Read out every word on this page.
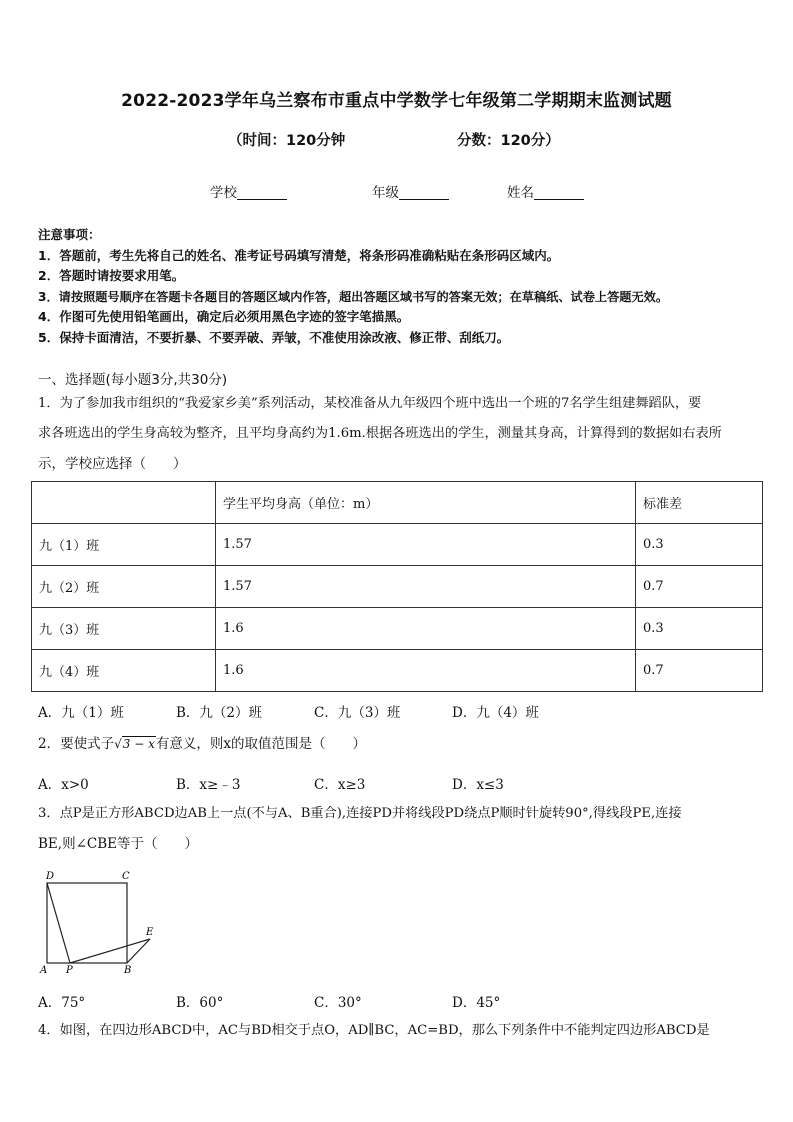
2022-2023学年乌兰察布市重点中学数学七年级第二学期期末监测试题
（时间：120分钟	分数：120分）
学校	年级	姓名
注意事项：
1．答题前，考生先将自己的姓名、准考证号码填写清楚，将条形码准确粘贴在条形码区域内。
2．答题时请按要求用笔。
3．请按照题号顺序在答题卡各题目的答题区域内作答，超出答题区域书写的答案无效；在草稿纸、试卷上答题无效。
4．作图可先使用铅笔画出，确定后必须用黑色字迹的签字笔描黑。
5．保持卡面清洁，不要折暴、不要弄破、弄皱，不准使用涂改液、修正带、刮纸刀。
一、选择题(每小题3分,共30分)
1．为了参加我市组织的“我爱家乡美”系列活动，某校准备从九年级四个班中选出一个班的7名学生组建舞蹈队，要
求各班选出的学生身高较为整齐，且平均身高约为1.6m.根据各班选出的学生，测量其身高，计算得到的数据如右表所
示，学校应选择（　　）
	学生平均身高（单位：m）	标准差
九（1）班	1.57	0.3
九（2）班	1.57	0.7
九（3）班	1.6	0.3
九（4）班	1.6	0.7
A．九（1）班	B．九（2）班	C．九（3）班	D．九（4）班
2．要使式子√3 − x有意义，则x的取值范围是（　　）
A．x>0	B．x≥﹣3	C．x≥3	D．x≤3
3．点P是正方形ABCD边AB上一点(不与A、B重合),连接PD并将线段PD绕点P顺时针旋转90°,得线段PE,连接
BE,则∠CBE等于（　　）
D	C
E
A P	B
A．75°	B．60°	C．30°	D．45°
4．如图，在四边形ABCD中，AC与BD相交于点O，AD∥BC，AC=BD，那么下列条件中不能判定四边形ABCD是
